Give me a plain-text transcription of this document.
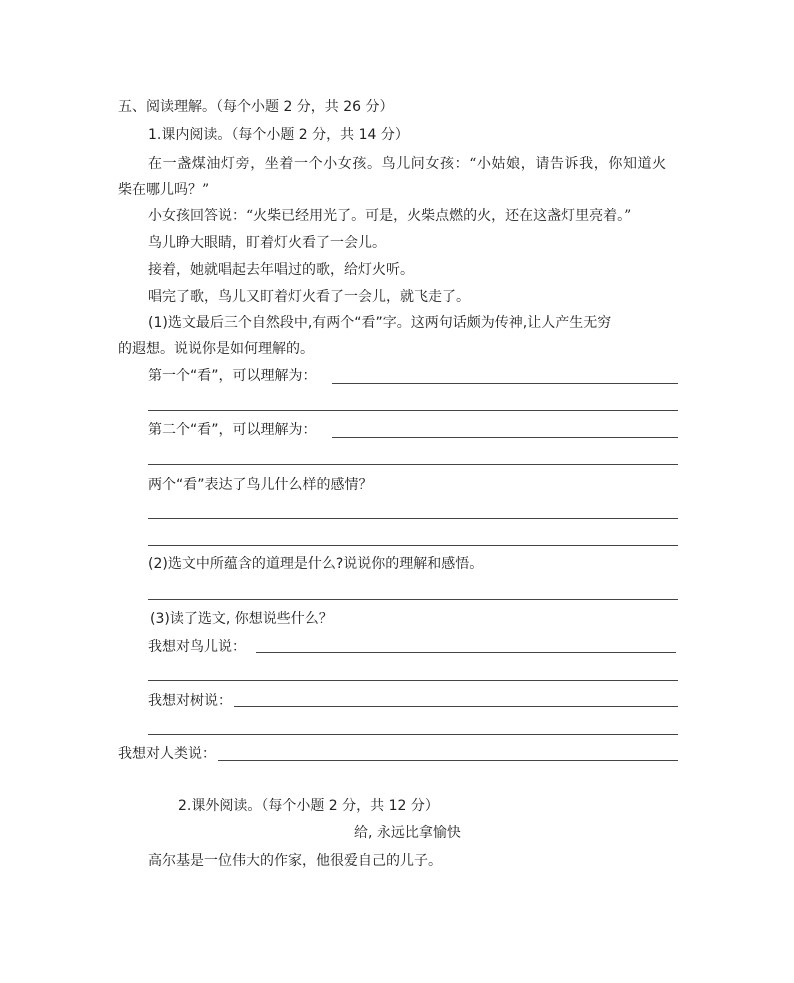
五、阅读理解。（每个小题 2 分，共 26 分）
1.课内阅读。（每个小题 2 分，共 14 分）
在一盏煤油灯旁，坐着一个小女孩。鸟儿问女孩：“小姑娘，请告诉我，你知道火
柴在哪儿吗？”
小女孩回答说：“火柴已经用光了。可是，火柴点燃的火，还在这盏灯里亮着。”
鸟儿睁大眼睛，盯着灯火看了一会儿。
接着，她就唱起去年唱过的歌，给灯火听。
唱完了歌，鸟儿又盯着灯火看了一会儿，就飞走了。
(1)选文最后三个自然段中,有两个“看”字。这两句话颇为传神,让人产生无穷
的遐想。说说你是如何理解的。
第一个“看”，可以理解为：
第二个“看”，可以理解为：
两个“看”表达了鸟儿什么样的感情？
(2)选文中所蕴含的道理是什么?说说你的理解和感悟。
(3)读了选文, 你想说些什么？
我想对鸟儿说：
我想对树说：
我想对人类说：
2.课外阅读。（每个小题 2 分，共 12 分）
给, 永远比拿愉快
高尔基是一位伟大的作家，他很爱自己的儿子。
